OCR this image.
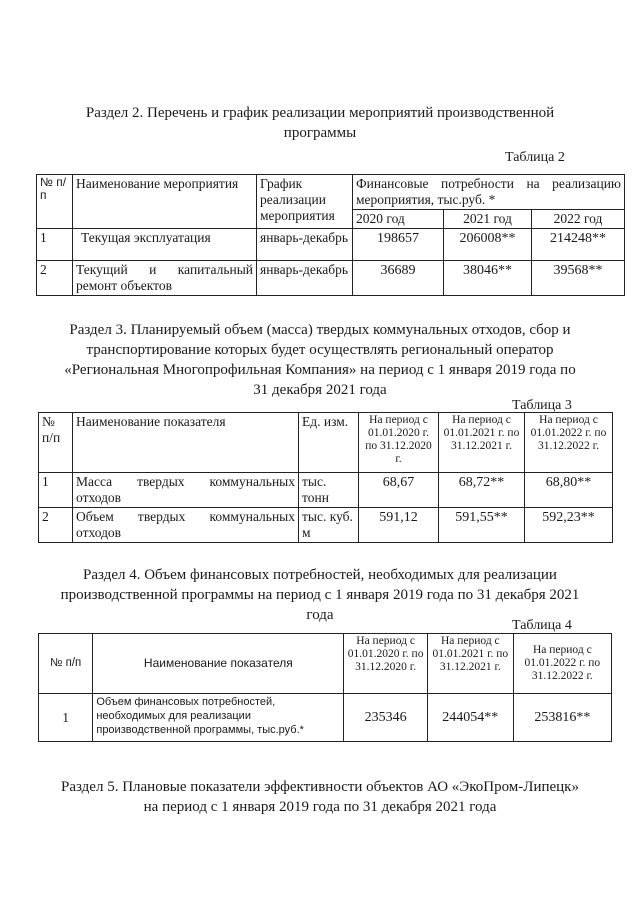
Раздел 2. Перечень и график реализации мероприятий производственной
программы
Таблица 2
№ п/п	Наименование мероприятия	График реализации мероприятия	Финансовые потребности на реализацию мероприятия, тыс.руб. *		
			2020 год	2021 год	2022 год
1	Текущая эксплуатация	январь-декабрь	198657	206008**	214248**
2	Текущий и капитальный ремонт объектов	январь-декабрь	36689	38046**	39568**
Раздел 3. Планируемый объем (масса) твердых коммунальных отходов, сбор и
транспортирование которых будет осуществлять региональный оператор
«Региональная Многопрофильная Компания» на период с 1 января 2019 года по
31 декабря 2021 года
Таблица 3
№ п/п	Наименование показателя	Ед. изм.	На период с 01.01.2020 г. по 31.12.2020 г.	На период с 01.01.2021 г. по 31.12.2021 г.	На период с 01.01.2022 г. по 31.12.2022 г.
1	Масса твердых коммунальных отходов	тыс. тонн	68,67	68,72**	68,80**
2	Объем твердых коммунальных отходов	тыс. куб. м	591,12	591,55**	592,23**
Раздел 4. Объем финансовых потребностей, необходимых для реализации
производственной программы на период с 1 января 2019 года по 31 декабря 2021
года
Таблица 4
№ п/п	Наименование показателя	На период с 01.01.2020 г. по 31.12.2020 г.	На период с 01.01.2021 г. по 31.12.2021 г.	На период с 01.01.2022 г. по 31.12.2022 г.
1	Объем финансовых потребностей, необходимых для реализации производственной программы, тыс.руб.*	235346	244054**	253816**
Раздел 5. Плановые показатели эффективности объектов АО «ЭкоПром-Липецк»
на период с 1 января 2019 года по 31 декабря 2021 года
